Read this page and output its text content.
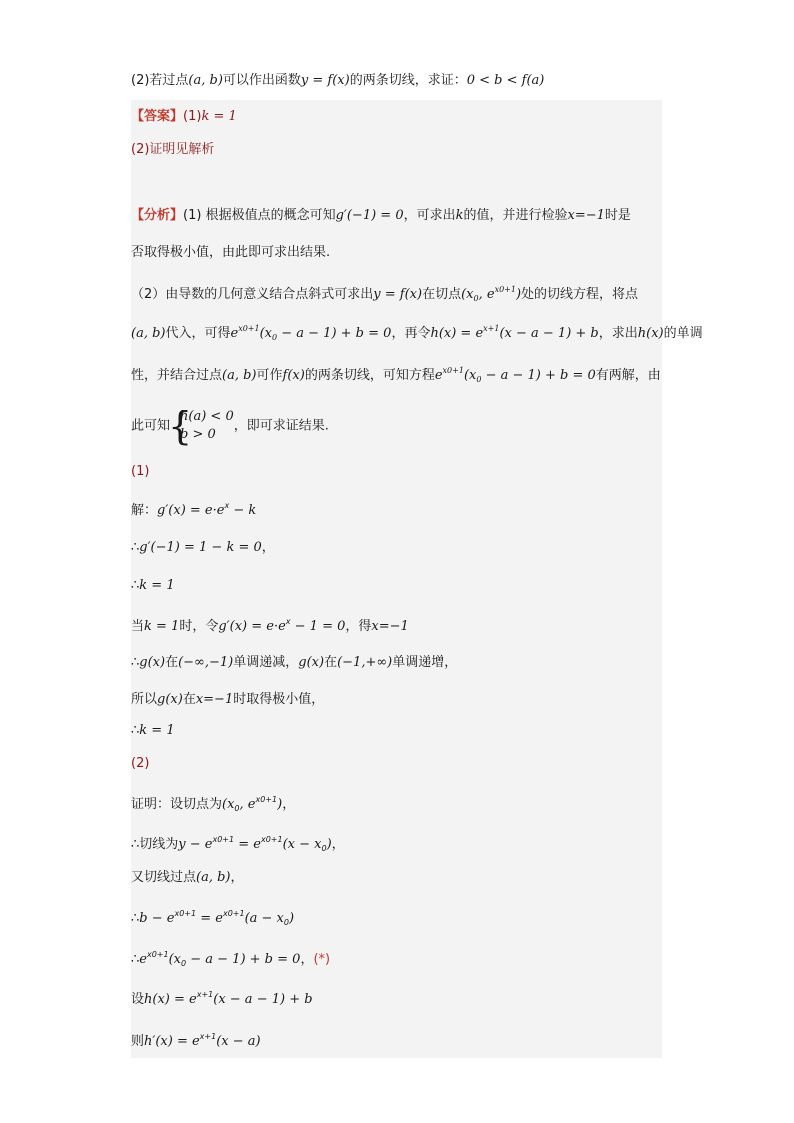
(2)若过点(a, b)可以作出函数y = f(x)的两条切线，求证：0 < b < f(a)
【答案】(1)k = 1
(2)证明见解析
【分析】(1) 根据极值点的概念可知g′(−1) = 0，可求出k的值，并进行检验x=−1时是
否取得极小值，由此即可求出结果.
（2）由导数的几何意义结合点斜式可求出y = f(x)在切点($x_0$, $e^{x0+1}$)处的切线方程，将点
(a, b)代入，可得$e^{x0+1}(x_0 - a - 1) + b = 0$，再令$h(x) = e^{x+1}(x - a - 1) + b$，求出h(x)的单调
性，并结合过点(a, b)可作f(x)的两条切线，可知方程$e^{x0+1}(x_0 - a - 1) + b = 0$有两解，由
此可知
{ h(a) < 0
b > 0
，即可求证结果.
(1)
解：$g'(x) = e\cdot e^x - k$
∴g′(−1) = 1 − k = 0，
∴k = 1
当k = 1时，令$g'(x) = e\cdot e^x - 1 = 0$，得x=−1
∴g(x)在(−∞,−1)单调递减，g(x)在(−1,+∞)单调递增，
所以g(x)在x=−1时取得极小值，
∴k = 1
(2)
证明：设切点为($x_0$, $e^{x0+1}$)，
∴切线为$y - e^{x0+1} = e^{x0+1}(x - x_0)$，
又切线过点(a, b)，
∴b − $e^{x0+1} = e^{x0+1}(a - x_0)$
$\therefore e^{x0+1}(x_0 - a - 1) + b = 0$，(*)
设$h(x) = e^{x+1}(x - a - 1) + b$
则$h'(x) = e^{x+1}(x - a)$
